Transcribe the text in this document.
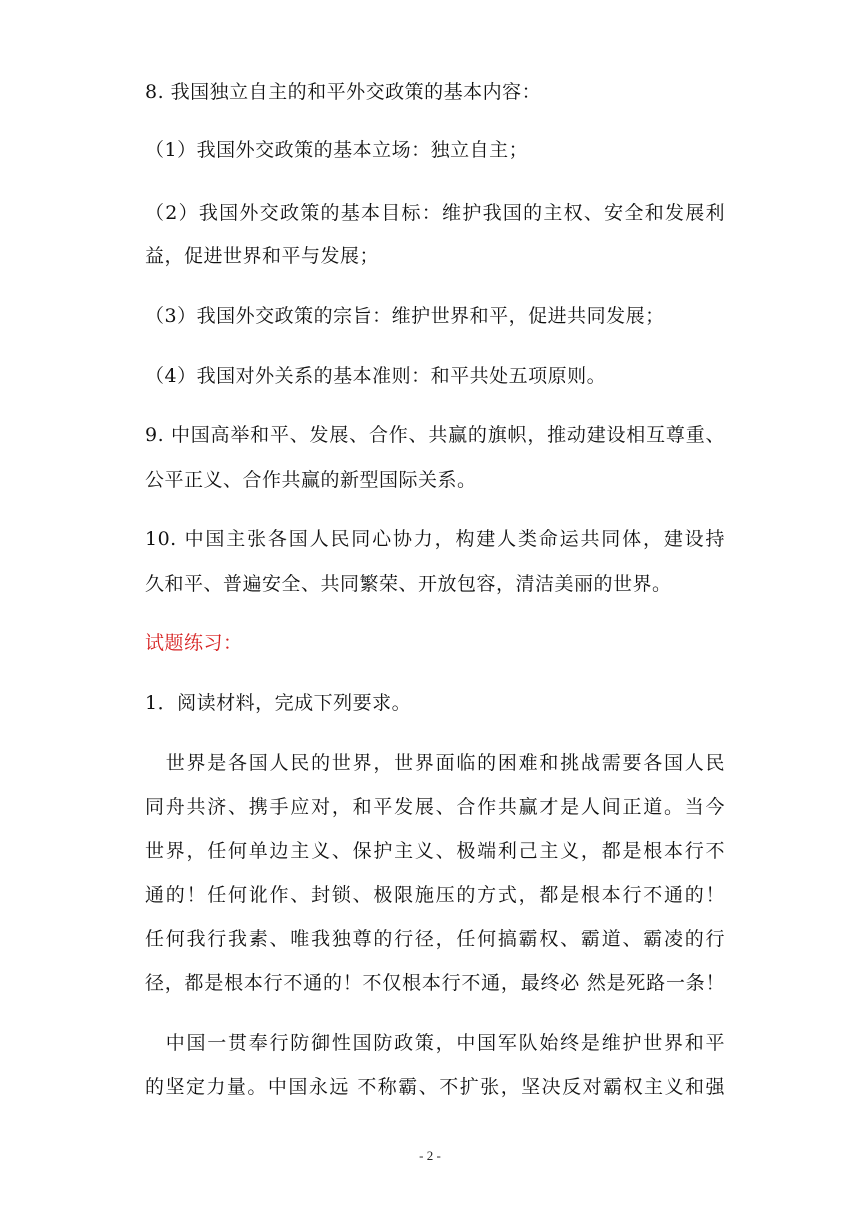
8. 我国独立自主的和平外交政策的基本内容：
（1）我国外交政策的基本立场：独立自主；
（2）我国外交政策的基本目标：维护我国的主权、安全和发展利
益，促进世界和平与发展；
（3）我国外交政策的宗旨：维护世界和平，促进共同发展；
（4）我国对外关系的基本准则：和平共处五项原则。
9. 中国高举和平、发展、合作、共赢的旗帜，推动建设相互尊重、
公平正义、合作共赢的新型国际关系。
10. 中国主张各国人民同心协力，构建人类命运共同体，建设持
久和平、普遍安全、共同繁荣、开放包容，清洁美丽的世界。
试题练习：
1．阅读材料，完成下列要求。
　世界是各国人民的世界，世界面临的困难和挑战需要各国人民
同舟共济、携手应对，和平发展、合作共赢才是人间正道。当今
世界，任何单边主义、保护主义、极端利己主义，都是根本行不
通的！任何讹作、封锁、极限施压的方式，都是根本行不通的！
任何我行我素、唯我独尊的行径，任何搞霸权、霸道、霸凌的行
径，都是根本行不通的！不仅根本行不通，最终必 然是死路一条！
　中国一贯奉行防御性国防政策，中国军队始终是维护世界和平
的坚定力量。中国永远 不称霸、不扩张，坚决反对霸权主义和强
- 2 -
